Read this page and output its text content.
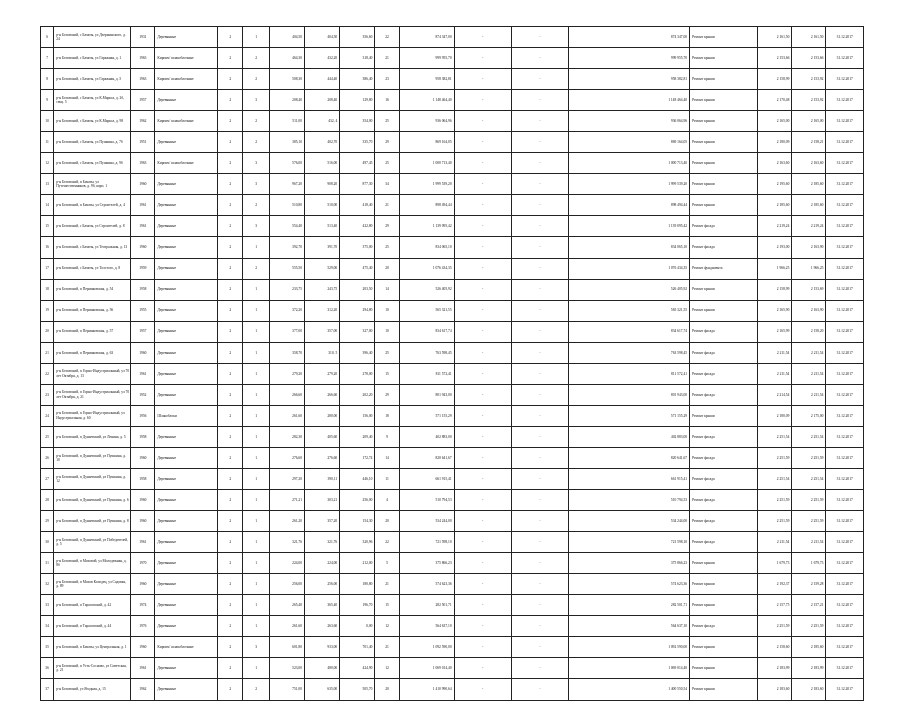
6	р-н Беловский, с Бачаты, ул Дзержинского, д. 24	1931	Деревянные	2	1	404,50	404,50	356,60	22	874 347,00	-	-	874 347,00	Ремонт крыши	2 161,50	2 161,50	31.12.2017
7	р-н Беловский, с Бачаты, ул Гаражная, д. 1	1963	Кирпич/ шлакоблочные	2	2	464,30	432,20	318,40	21	999 955,70	-	-	999 955,70	Ремонт крыши	2 153,66	2 153,66	31.12.2017
8	р-н Беловский, с Бачаты, ул Гаражная, д. 5	1963	Кирпич/ шлакоблочные	2	2	508,30	444,40	386,40	23	958 382,81	-	-	958 382,81	Ремонт крыши	2 158,99	2 153,92	31.12.2017
9	р-н Беловский, с Бачаты, ул К.Маркса, д. 2б, секц. 5	1957	Деревянные	2	3	208,40	208,40	129,80	16	1 148 464,40	-	-	1 148 464,40	Ремонт крыши	2 170,48	2 153,92	31.12.2017
10	р-н Беловский, с Бачаты, ул К.Маркса, д. 98	1962	Кирпич/ шлакоблочные	2	2	511,00	432, 4	354,00	25	936 064,96	-	-	936 064,96	Ремонт крыши	2 165,00	2 165,00	31.12.2017
11	р-н Беловский, с Бачаты, ул Пушкина, д. 7б	1951	Деревянные	2	2	385,10	402,70	335,70	29	869 164,05	-	-	869 164,05	Ремонт крыши	2 180,09	2 158,21	31.12.2017
12	р-н Беловский, с Бачаты, ул Пушкина, д. 9б	1963	Кирпич/ шлакоблочные	2	3	576,00	516,00	497,45	25	1 000 713,40	-	-	1 000 713,40	Ремонт крыши	2 163,60	2 163,60	31.12.2017
13	р-н Беловский, п Бачаты, ул Путешественников, д. 9б, корп. 1	1960	Деревянные	2	3	967,20	908,20	877,30	34	1 999 539,20	-	-	1 999 539,20	Ремонт крыши	2 195,60	2 185,60	31.12.2017
14	р-н Беловский, п Бачаты, ул Строителей, д. 4	1961	Деревянные	2	2	510,80	510,00	418,40	21	898 494,44	-	-	898 494,44	Ремонт крыши	2 185,60	2 185,60	31.12.2017
15	р-н Беловский, с Бачаты, ул Строителей, д. 8	1961	Деревянные	2	3	554,40	513,40	422,80	29	1 139 095,42	-	-	1 139 095,42	Ремонт фасада	2 219,24	2 219,24	31.12.2017
16	р-н Беловский, с Бачаты, ул Театральная, д. 13	1960	Деревянные	2	1	392,70	391,70	375,00	25	834 065,10	-	-	834 065,10	Ремонт фасада	2 193,00	2 163,90	31.12.2017
17	р-н Беловский, с Бачаты, ул Толстого, д. 8	1959	Деревянные	2	2	555,50	529,00	475,40	20	1 076 434,35	-	-	1 076 434,35	Ремонт фундамента	1 966,25	1 966,25	31.12.2017
18	р-н Беловский, п Пермяковская, д. 54	1958	Деревянные	2	1	233,75	243,75	203,50	14	526 405,92	-	-	526 405,92	Ремонт крыши	2 158,99	2 153,69	31.12.2017
19	р-н Беловский, п Пермяковская, д. 56	1955	Деревянные	2	1	372,20	312,20	294,80	10	565 321,55	-	-	565 321,55	Ремонт крыши	2 165,90	2 163,90	31.12.2017
20	р-н Беловский, п Пермяковская, д. 57	1957	Деревянные	2	1	377,00	357,00	327,00	10	834 617,74	-	-	834 617,74	Ремонт фасада	2 165,99	2 158,20	31.12.2017
21	р-н Беловский, п Пермяковская, д. 63	1960	Деревянные	2	1	358,70	310, 5	396,40	25	763 598,45	-	-	763 598,45	Ремонт фасада	2 211,54	2 211,54	31.12.2017
22	р-н Беловский, п Горно-Индустриальный, ул 70 лет Октября, д. 13	1961	Деревянные	2	1	279,20	279,20	278,00	15	811 572,41	-	-	811 572,41	Ремонт фасада	2 211,54	2 211,54	31.12.2017
23	р-н Беловский, п Горно-Индустриальный, ул 70 лет Октября, д. 21	1952	Деревянные	2	1	266,60	266,60	202,20	29	801 943,00	-	-	801 943,00	Ремонт фасада	2 214,54	2 211,54	31.12.2017
24	р-н Беловский, п Горно-Индустриальный, ул Индустриальная, д. 60	1956	Шлакоблоки	2	1	261,60	280,00	156,00	18	571 155,29	-	-	571 155,29	Ремонт крыши	2 180,09	2 175,00	31.12.2017
25	р-н Беловский, п Дунаевский, ул Ленина, д. 5	1958	Деревянные	2	1	282,30	405,60	209,40	9	402 883,00	-	-	402 883,00	Ремонт фасада	2 251,54	2 251,54	31.12.2017
26	р-н Беловский, п Дунаевский, ул Пушкина, д. 10	1960	Деревянные	2	1	276,60	276,60	172,74	14	820 641,67	-	-	820 641,67	Ремонт фасада	2 251,59	2 251,59	31.12.2017
27	р-н Беловский, п Дунаевский, ул Пушкина, д. 12	1958	Деревянные	2	1	297,20	390,11	446,10	11	661 915,41	-	-	661 915,41	Ремонт фасада	2 251,54	2 251,54	31.12.2017
28	р-н Беловский, п Дунаевский, ул Пушкина, д. 6	1960	Деревянные	2	1	271,21	303,21	256,00	4	510 794,53	-	-	510 794,53	Ремонт фасада	2 251,59	2 251,59	31.12.2017
29	р-н Беловский, п Дунаевский, ул Пушкина, д. 8	1960	Деревянные	2	1	261,20	357,20	154,30	20	534 244,00	-	-	534 244,00	Ремонт фасада	2 251,59	2 251,59	31.12.2017
30	р-н Беловский, п Дунаевский, ул Победителей, д. 5	1961	Деревянные	2	1	321,76	321,76	320,96	22	721 598,10	-	-	721 598,10	Ремонт фасада	2 211,54	2 211,54	31.12.2017
31	р-н Беловский, п Моховой, ул Молодежная, д. 8б	1970	Деревянные	2	1	224,00	224,00	212,00	5	375 866,23	-	-	375 866,23	Ремонт крыши	1 679,73	1 679,73	31.12.2017
32	р-н Беловский, п Мохов Колодец, ул Садовая, д. 89	1960	Деревянные	2	1	256,00	256,00	180,80	21	574 623,36	-	-	574 623,36	Ремонт крыши	2 192,37	2 159,28	31.12.2017
33	р-н Беловский, п Тарасовский, д. 42	1974	Деревянные	2	1	265,40	365,40	196,70	15	282 501,71	-	-	282 501,71	Ремонт крыши	2 157,75	2 157,21	31.12.2017
34	р-н Беловский, п Тарасовский, д. 44	1976	Деревянные	2	1	261,60	263,60	0,00	12	564 637,10	-	-	564 637,10	Ремонт фасада	2 251,59	2 251,59	31.12.2017
35	р-н Беловский, п Бачаты, ул Центральная, д. 1	1960	Кирпич/ шлакоблочные	2	3	601,80	933,00	701,40	21	1 092 590,00	-	-	1 092 590,00	Ремонт крыши	2 158,60	2 185,60	31.12.2017
36	р-н Беловский, п Усть-Сосново, ул Советская, д. 21	1961	Деревянные	2	1	523,00	480,00	424,90	12	1 069 014,40	-	-	1 069 014,40	Ремонт крыши	2 183,99	2 183,99	31.12.2017
37	р-н Беловский, ул Ягодная, д. 15	1962	Деревянные	2	2	751,00	635,00	505,70	20	1 410 990,64	-	-	1 400 550,54	Ремонт крыши	2 183,60	2 183,60	31.12.2017
